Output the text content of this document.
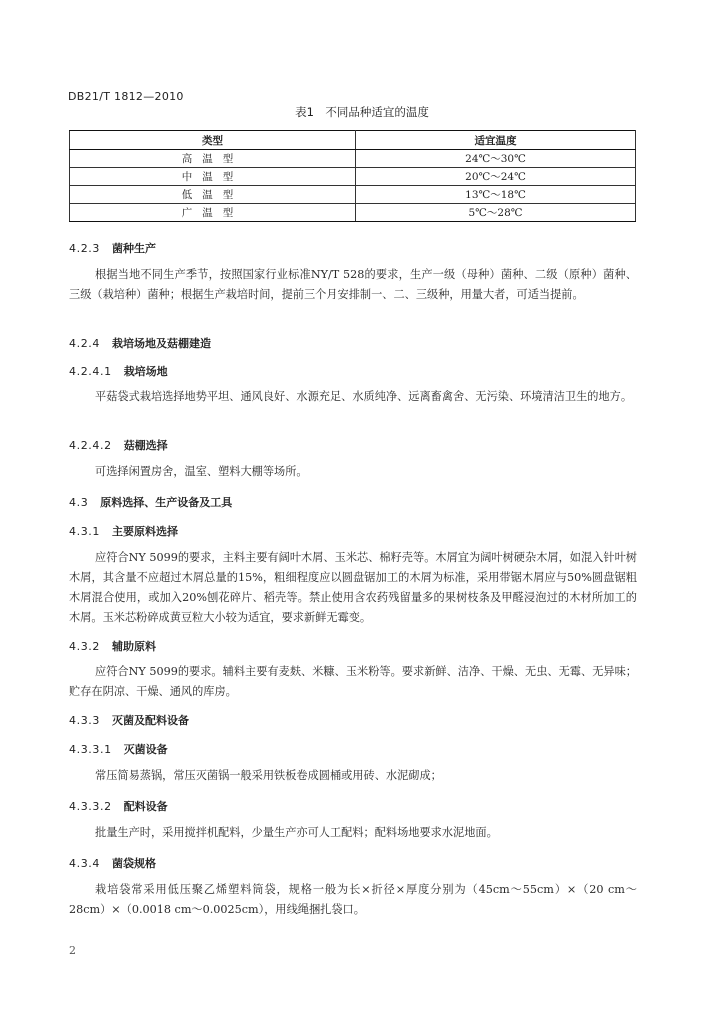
DB21/T 1812—2010
表1　不同品种适宜的温度
类型	适宜温度
高温型	24℃～30℃
中温型	20℃～24℃
低温型	13℃～18℃
广温型	5℃～28℃
4.2.3 菌种生产
根据当地不同生产季节，按照国家行业标准NY/T 528的要求，生产一级（母种）菌种、二级（原种）菌种、三级（栽培种）菌种；根据生产栽培时间，提前三个月安排制一、二、三级种，用量大者，可适当提前。
4.2.4 栽培场地及菇棚建造
4.2.4.1 栽培场地
平菇袋式栽培选择地势平坦、通风良好、水源充足、水质纯净、远离畜禽舍、无污染、环境清洁卫生的地方。
4.2.4.2 菇棚选择
可选择闲置房舍，温室、塑料大棚等场所。
4.3 原料选择、生产设备及工具
4.3.1 主要原料选择
应符合NY 5099的要求，主料主要有阔叶木屑、玉米芯、棉籽壳等。木屑宜为阔叶树硬杂木屑，如混入针叶树木屑，其含量不应超过木屑总量的15%，粗细程度应以圆盘锯加工的木屑为标准，采用带锯木屑应与50%圆盘锯粗木屑混合使用，或加入20%刨花碎片、稻壳等。禁止使用含农药残留量多的果树枝条及甲醛浸泡过的木材所加工的木屑。玉米芯粉碎成黄豆粒大小较为适宜，要求新鲜无霉变。
4.3.2 辅助原料
应符合NY 5099的要求。辅料主要有麦麸、米糠、玉米粉等。要求新鲜、洁净、干燥、无虫、无霉、无异味；贮存在阴凉、干燥、通风的库房。
4.3.3 灭菌及配料设备
4.3.3.1 灭菌设备
常压简易蒸锅，常压灭菌锅一般采用铁板卷成圆桶或用砖、水泥砌成；
4.3.3.2 配料设备
批量生产时，采用搅拌机配料，少量生产亦可人工配料；配料场地要求水泥地面。
4.3.4 菌袋规格
栽培袋常采用低压聚乙烯塑料筒袋，规格一般为长×折径×厚度分别为（45cm～55cm）×（20 cm～28cm）×（0.0018 cm～0.0025cm），用线绳捆扎袋口。
2
